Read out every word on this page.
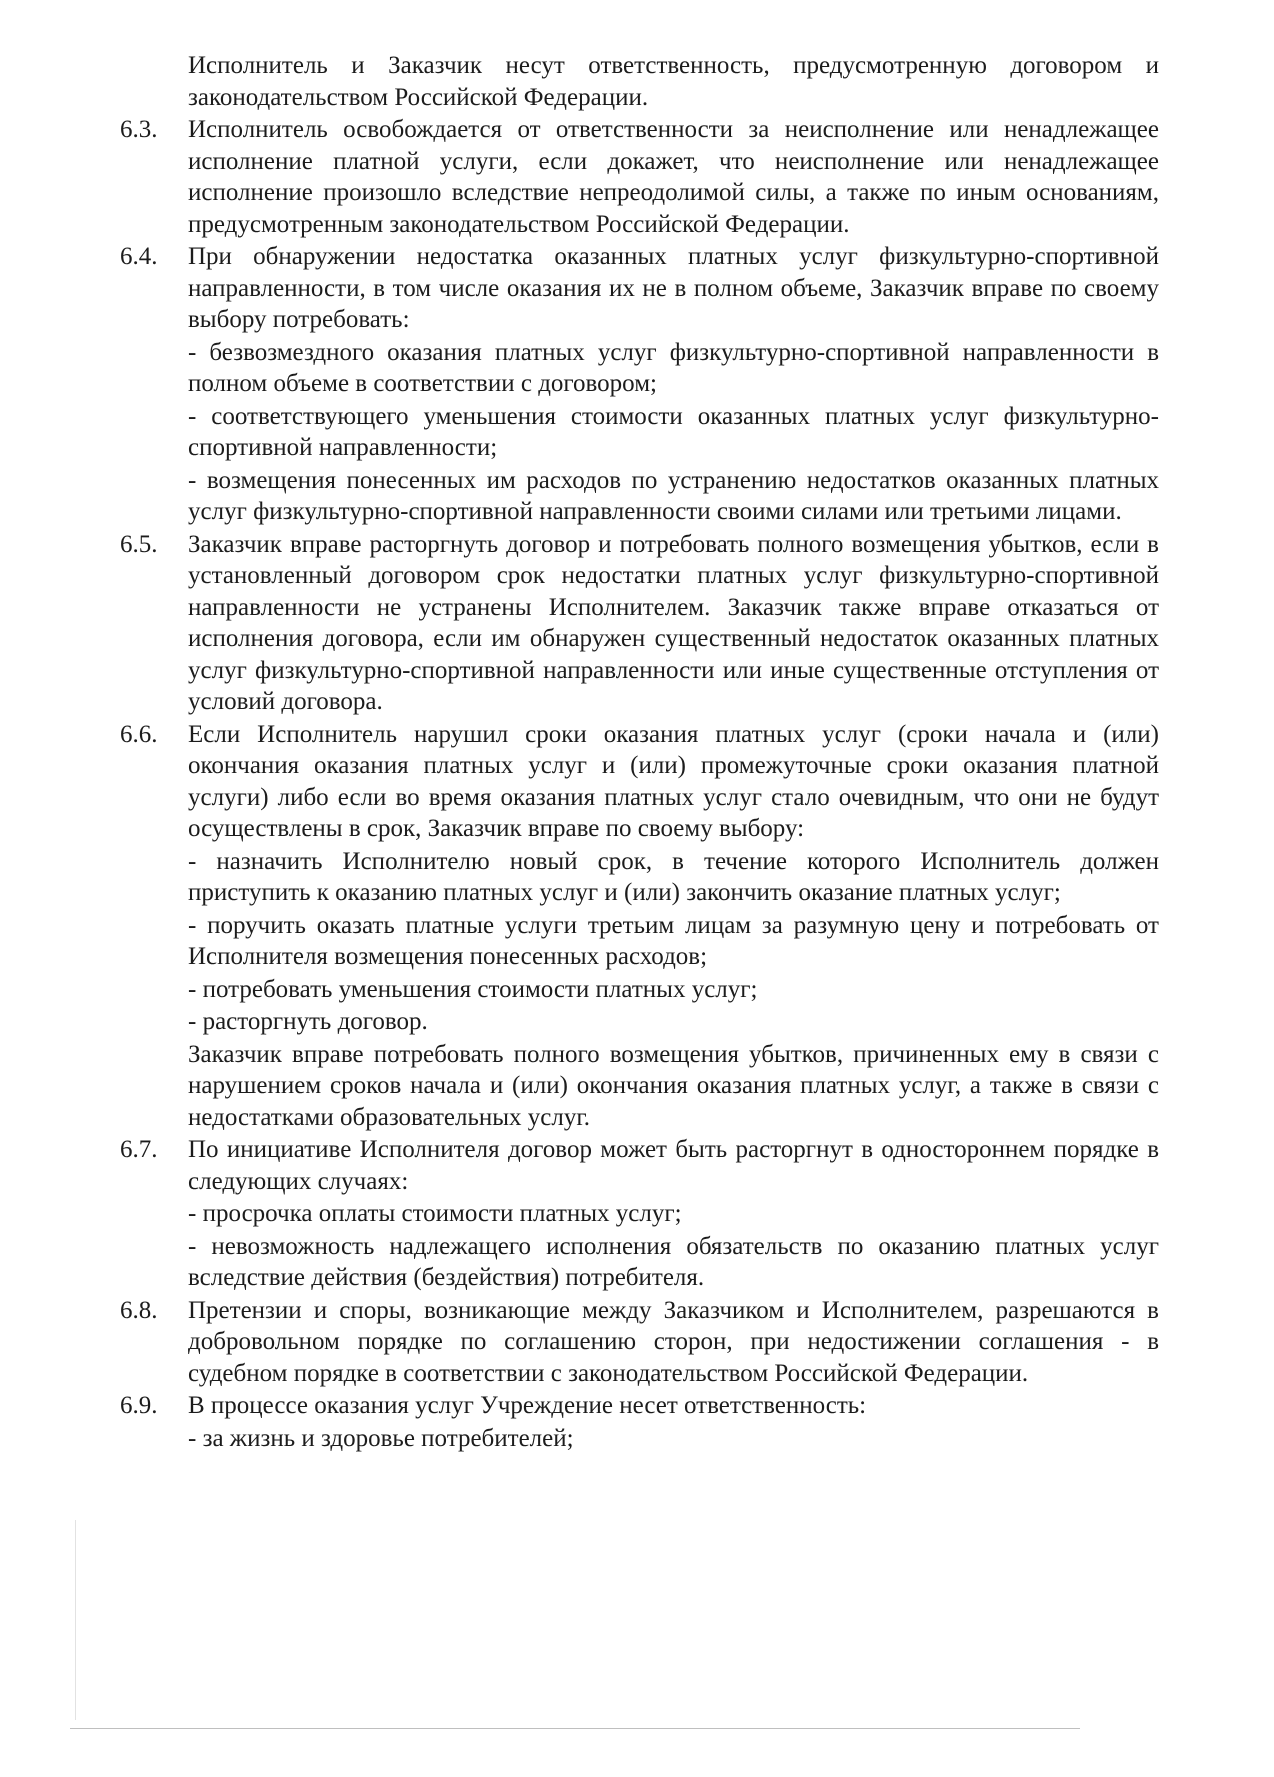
Исполнитель и Заказчик несут ответственность, предусмотренную договором и законодательством Российской Федерации.

6.3.	Исполнитель освобождается от ответственности за неисполнение или ненадлежащее исполнение платной услуги, если докажет, что неисполнение или ненадлежащее исполнение произошло вследствие непреодолимой силы, а также по иным основаниям, предусмотренным законодательством Российской Федерации.

6.4.	При обнаружении недостатка оказанных платных услуг физкультурно-спортивной направленности, в том числе оказания их не в полном объеме, Заказчик вправе по своему выбору потребовать:

- безвозмездного оказания платных услуг физкультурно-спортивной направленности в полном объеме в соответствии с договором;

- соответствующего уменьшения стоимости оказанных платных услуг физкультурно-спортивной направленности;

- возмещения понесенных им расходов по устранению недостатков оказанных платных услуг физкультурно-спортивной направленности своими силами или третьими лицами.

6.5.	Заказчик вправе расторгнуть договор и потребовать полного возмещения убытков, если в установленный договором срок недостатки платных услуг физкультурно-спортивной направленности не устранены Исполнителем. Заказчик также вправе отказаться от исполнения договора, если им обнаружен существенный недостаток оказанных платных услуг физкультурно-спортивной направленности или иные существенные отступления от условий договора.

6.6.	Если Исполнитель нарушил сроки оказания платных услуг (сроки начала и (или) окончания оказания платных услуг и (или) промежуточные сроки оказания платной услуги) либо если во время оказания платных услуг стало очевидным, что они не будут осуществлены в срок, Заказчик вправе по своему выбору:

- назначить Исполнителю новый срок, в течение которого Исполнитель должен приступить к оказанию платных услуг и (или) закончить оказание платных услуг;

- поручить оказать платные услуги третьим лицам за разумную цену и потребовать от Исполнителя возмещения понесенных расходов;

- потребовать уменьшения стоимости платных услуг;

- расторгнуть договор.

Заказчик вправе потребовать полного возмещения убытков, причиненных ему в связи с нарушением сроков начала и (или) окончания оказания платных услуг, а также в связи с недостатками образовательных услуг.

6.7.	По инициативе Исполнителя договор может быть расторгнут в одностороннем порядке в следующих случаях:

- просрочка оплаты стоимости платных услуг;

- невозможность надлежащего исполнения обязательств по оказанию платных услуг вследствие действия (бездействия) потребителя.

6.8.	Претензии и споры, возникающие между Заказчиком и Исполнителем, разрешаются в добровольном порядке по соглашению сторон, при недостижении соглашения - в судебном порядке в соответствии с законодательством Российской Федерации.

6.9.	В процессе оказания услуг Учреждение несет ответственность:

- за жизнь и здоровье потребителей;
